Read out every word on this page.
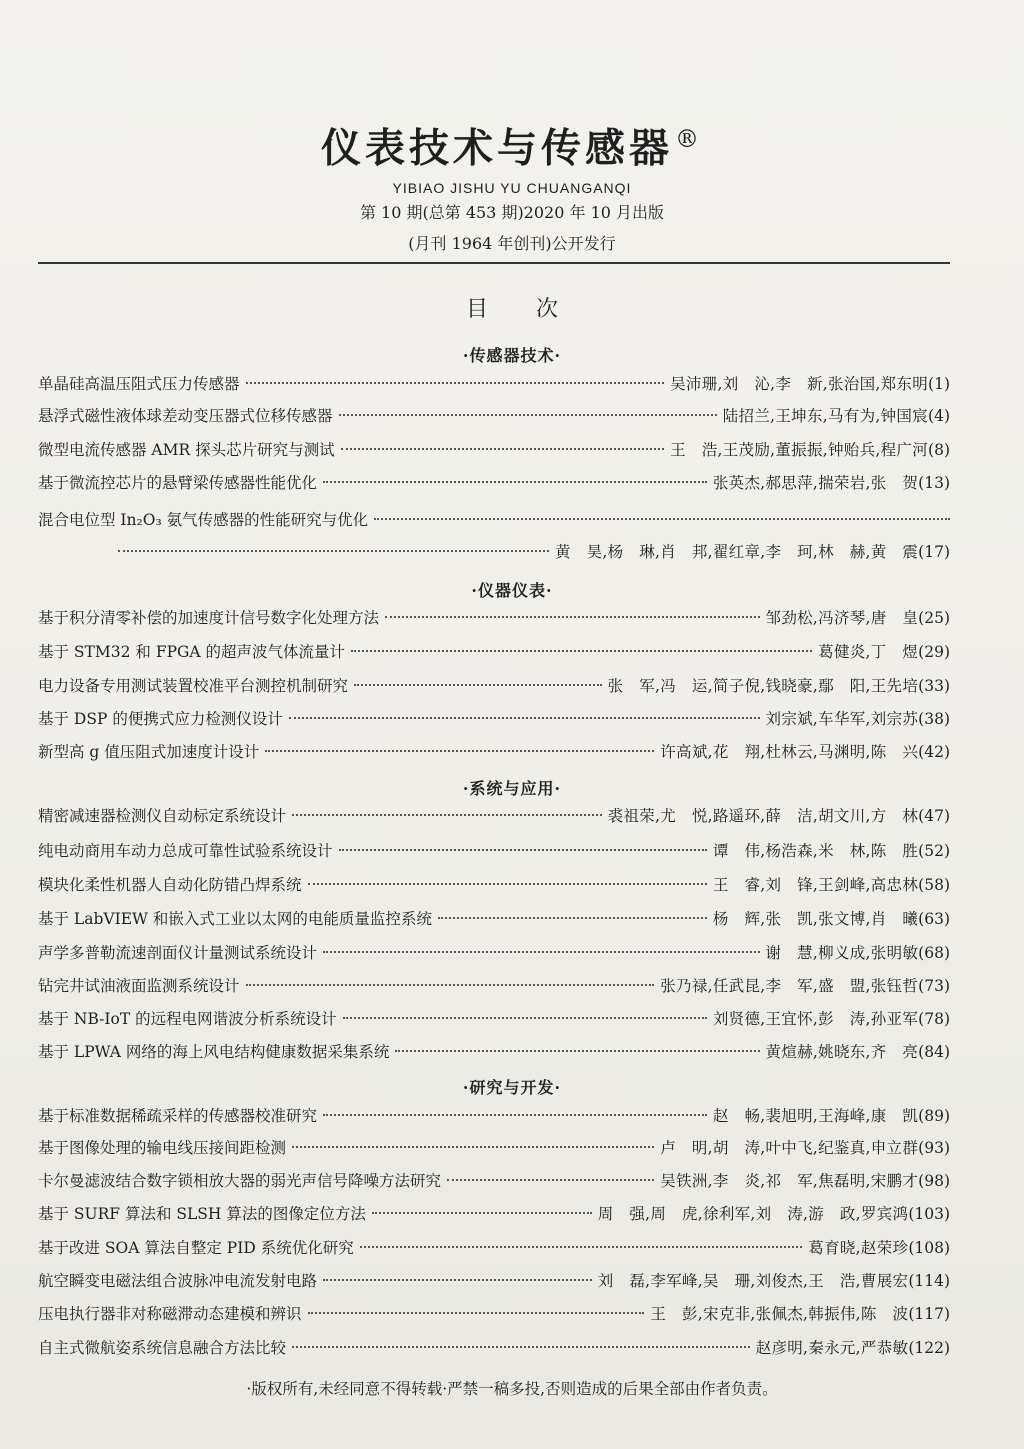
仪表技术与传感器®
YIBIAO JISHU YU CHUANGANQI
第 10 期(总第 453 期)2020 年 10 月出版
(月刊 1964 年创刊)公开发行
目次
·传感器技术·
单晶硅高温压阻式压力传感器	吴沛珊,刘　沁,李　新,张治国,郑东明 (1)
悬浮式磁性液体球差动变压器式位移传感器	陆招兰,王坤东,马有为,钟国宸 (4)
微型电流传感器 AMR 探头芯片研究与测试	王　浩,王茂励,董振振,钟贻兵,程广河 (8)
基于微流控芯片的悬臂梁传感器性能优化	张英杰,郝思萍,揣荣岩,张　贺 (13)
混合电位型 In₂O₃ 氨气传感器的性能研究与优化
黄　昊,杨　琳,肖　邦,翟红章,李　珂,林　赫,黄　震 (17)
·仪器仪表·
基于积分清零补偿的加速度计信号数字化处理方法	邹劲松,冯济琴,唐　皇 (25)
基于 STM32 和 FPGA 的超声波气体流量计	葛健炎,丁　煜 (29)
电力设备专用测试装置校准平台测控机制研究	张　军,冯　运,简子倪,钱晓豪,鄢　阳,王先培 (33)
基于 DSP 的便携式应力检测仪设计	刘宗斌,车华军,刘宗苏 (38)
新型高 g 值压阻式加速度计设计	许高斌,花　翔,杜林云,马渊明,陈　兴 (42)
·系统与应用·
精密减速器检测仪自动标定系统设计	裘祖荣,尤　悦,路遥环,薛　洁,胡文川,方　林 (47)
纯电动商用车动力总成可靠性试验系统设计	谭　伟,杨浩森,米　林,陈　胜 (52)
模块化柔性机器人自动化防错凸焊系统	王　睿,刘　锋,王剑峰,高忠林 (58)
基于 LabVIEW 和嵌入式工业以太网的电能质量监控系统	杨　辉,张　凯,张文博,肖　曦 (63)
声学多普勒流速剖面仪计量测试系统设计	谢　慧,柳义成,张明敏 (68)
钻完井试油液面监测系统设计	张乃禄,任武昆,李　军,盛　盟,张钰哲 (73)
基于 NB-IoT 的远程电网谐波分析系统设计	刘贤德,王宜怀,彭　涛,孙亚军 (78)
基于 LPWA 网络的海上风电结构健康数据采集系统	黄煊赫,姚晓东,齐　亮 (84)
·研究与开发·
基于标准数据稀疏采样的传感器校准研究	赵　畅,裴旭明,王海峰,康　凯 (89)
基于图像处理的输电线压接间距检测	卢　明,胡　涛,叶中飞,纪鉴真,申立群 (93)
卡尔曼滤波结合数字锁相放大器的弱光声信号降噪方法研究	吴铁洲,李　炎,祁　军,焦磊明,宋鹏才 (98)
基于 SURF 算法和 SLSH 算法的图像定位方法	周　强,周　虎,徐利军,刘　涛,游　政,罗宾鸿 (103)
基于改进 SOA 算法自整定 PID 系统优化研究	葛育晓,赵荣珍 (108)
航空瞬变电磁法组合波脉冲电流发射电路	刘　磊,李军峰,吴　珊,刘俊杰,王　浩,曹展宏 (114)
压电执行器非对称磁滞动态建模和辨识	王　彭,宋克非,张佩杰,韩振伟,陈　波 (117)
自主式微航姿系统信息融合方法比较	赵彦明,秦永元,严恭敏 (122)
·版权所有,未经同意不得转载·严禁一稿多投,否则造成的后果全部由作者负责。
